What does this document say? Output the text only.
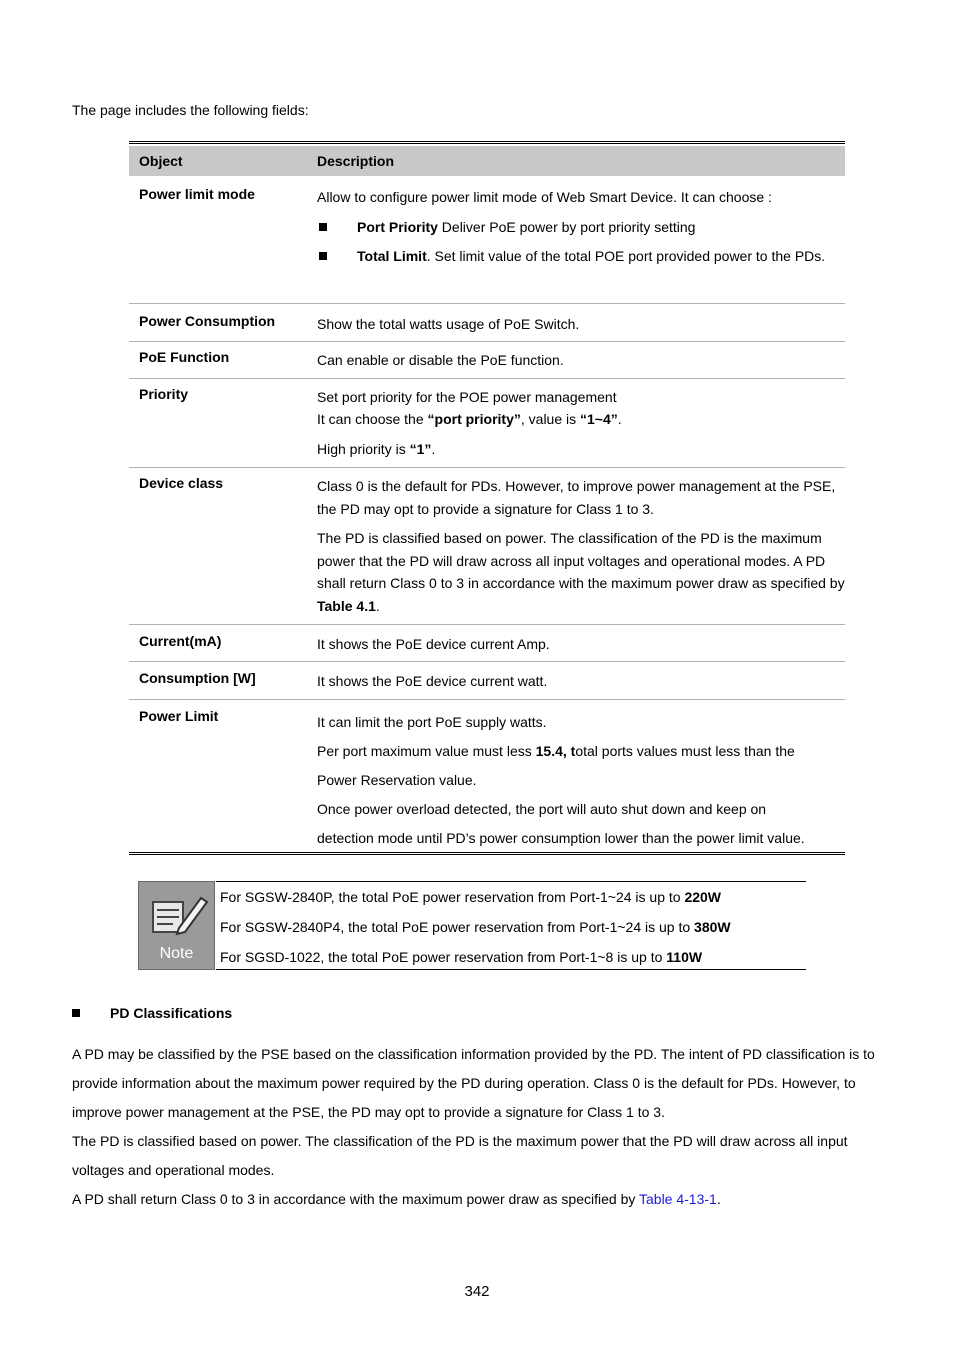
The page includes the following fields:
Object	Description
Power limit mode	Allow to configure power limit mode of Web Smart Device. It can choose :

Port Priority Deliver PoE power by port priority setting

Total Limit. Set limit value of the total POE port provided power to the PDs.

Power Consumption	Show the total watts usage of PoE Switch.

PoE Function	Can enable or disable the PoE function.

Priority	Set port priority for the POE power management

It can choose the “port priority”, value is “1~4”.

High priority is “1”.

Device class	Class 0 is the default for PDs. However, to improve power management at the PSE, the PD may opt to provide a signature for Class 1 to 3.

The PD is classified based on power. The classification of the PD is the maximum power that the PD will draw across all input voltages and operational modes. A PD shall return Class 0 to 3 in accordance with the maximum power draw as specified by Table 4.1.

Current(mA)	It shows the PoE device current Amp.

Consumption [W]	It shows the PoE device current watt.

Power Limit	It can limit the port PoE supply watts.

Per port maximum value must less 15.4, total ports values must less than the

Power Reservation value.

Once power overload detected, the port will auto shut down and keep on

detection mode until PD’s power consumption lower than the power limit value.

Note

For SGSW-2840P, the total PoE power reservation from Port-1~24 is up to 220W

For SGSW-2840P4, the total PoE power reservation from Port-1~24 is up to 380W

For SGSD-1022, the total PoE power reservation from Port-1~8 is up to 110W

PD Classifications

A PD may be classified by the PSE based on the classification information provided by the PD. The intent of PD classification is to provide information about the maximum power required by the PD during operation. Class 0 is the default for PDs. However, to improve power management at the PSE, the PD may opt to provide a signature for Class 1 to 3.

The PD is classified based on power. The classification of the PD is the maximum power that the PD will draw across all input voltages and operational modes.

A PD shall return Class 0 to 3 in accordance with the maximum power draw as specified by Table 4-13-1.

342
